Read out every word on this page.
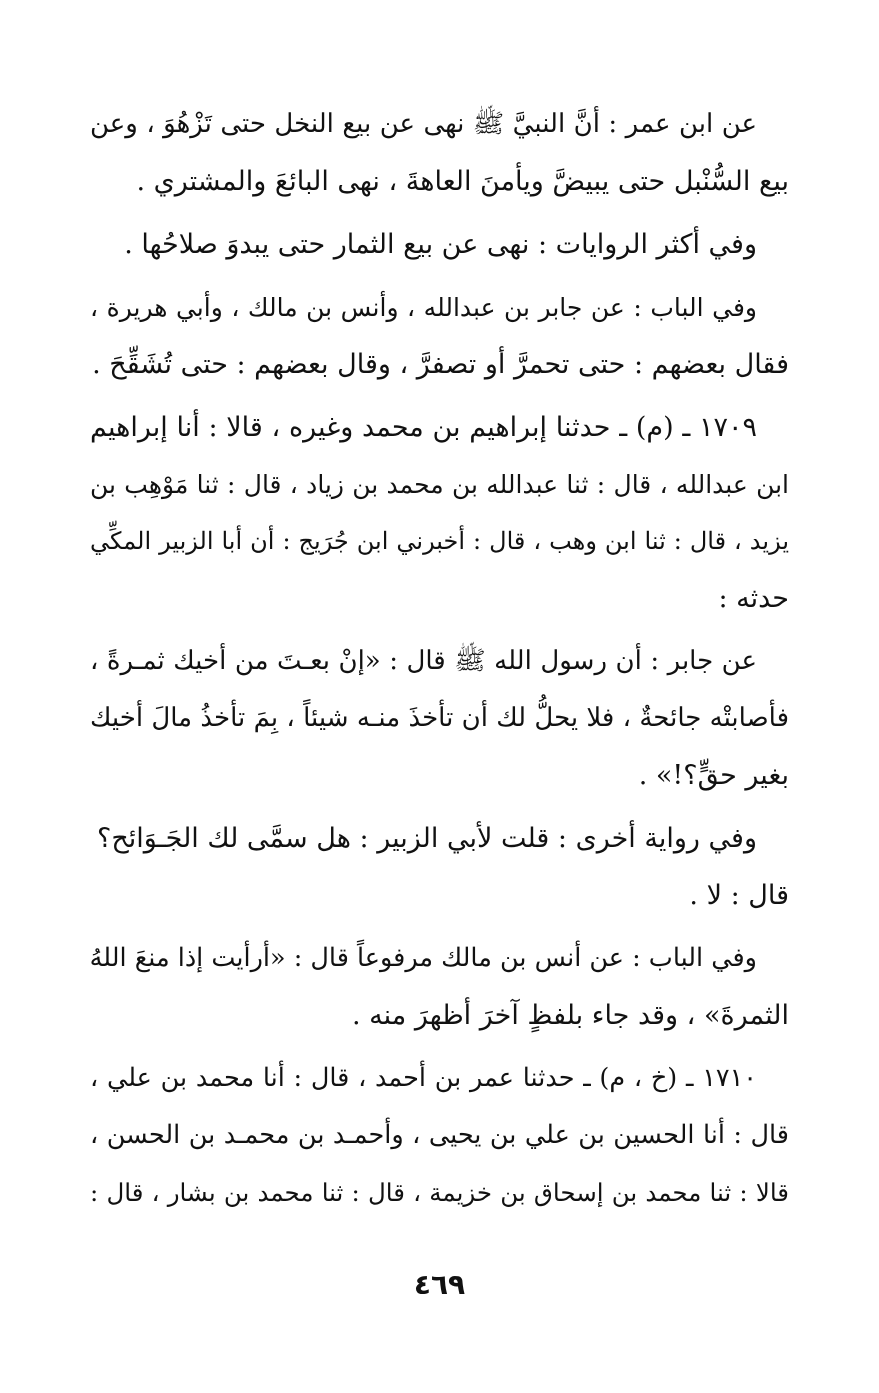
عن ابن عمر : أنَّ النبيَّ ﷺ نهى عن بيع النخل حتى تَزْهُوَ ، وعن
بيع السُّنْبل حتى يبيضَّ ويأمنَ العاهةَ ، نهى البائعَ والمشتري .
وفي أكثر الروايات : نهى عن بيع الثمار حتى يبدوَ صلاحُها .
وفي الباب : عن جابر بن عبدالله ، وأنس بن مالك ، وأبي هريرة ،
فقال بعضهم : حتى تحمرَّ أو تصفرَّ ، وقال بعضهم : حتى تُشَقِّحَ .
١٧٠٩ ـ (م) ـ حدثنا إبراهيم بن محمد وغيره ، قالا : أنا إبراهيم
ابن عبدالله ، قال : ثنا عبدالله بن محمد بن زياد ، قال : ثنا مَوْهِب بن
يزيد ، قال : ثنا ابن وهب ، قال : أخبرني ابن جُرَيج : أن أبا الزبير المكِّي
حدثه :
عن جابر : أن رسول الله ﷺ قال : «إنْ بعـتَ من أخيك ثمـرةً ،
فأصابتْه جائحةٌ ، فلا يحلُّ لك أن تأخذَ منـه شيئاً ، بِمَ تأخذُ مالَ أخيك
بغير حقٍّ؟!» .
وفي رواية أخرى : قلت لأبي الزبير : هل سمَّى لك الجَـوَائح؟
قال : لا .
وفي الباب : عن أنس بن مالك مرفوعاً قال : «أرأيت إذا منعَ اللهُ
الثمرةَ» ، وقد جاء بلفظٍ آخرَ أظهرَ منه .
١٧١٠ ـ (خ ، م) ـ حدثنا عمر بن أحمد ، قال : أنا محمد بن علي ،
قال : أنا الحسين بن علي بن يحيى ، وأحمـد بن محمـد بن الحسن ،
قالا : ثنا محمد بن إسحاق بن خزيمة ، قال : ثنا محمد بن بشار ، قال :
٤٦٩
